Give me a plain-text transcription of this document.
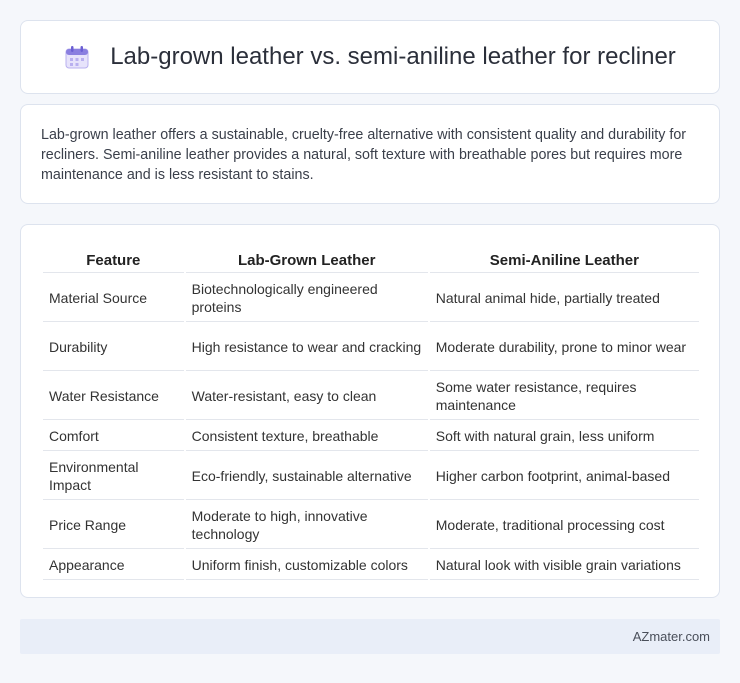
Lab-grown leather vs. semi-aniline leather for recliner

Lab-grown leather offers a sustainable, cruelty-free alternative with consistent quality and durability for recliners. Semi-aniline leather provides a natural, soft texture with breathable pores but requires more maintenance and is less resistant to stains.

Feature	Lab-Grown Leather	Semi-Aniline Leather
Material Source	Biotechnologically engineered proteins	Natural animal hide, partially treated
Durability	High resistance to wear and cracking	Moderate durability, prone to minor wear
Water Resistance	Water-resistant, easy to clean	Some water resistance, requires maintenance
Comfort	Consistent texture, breathable	Soft with natural grain, less uniform
Environmental Impact	Eco-friendly, sustainable alternative	Higher carbon footprint, animal-based
Price Range	Moderate to high, innovative technology	Moderate, traditional processing cost
Appearance	Uniform finish, customizable colors	Natural look with visible grain variations
AZmater.com
